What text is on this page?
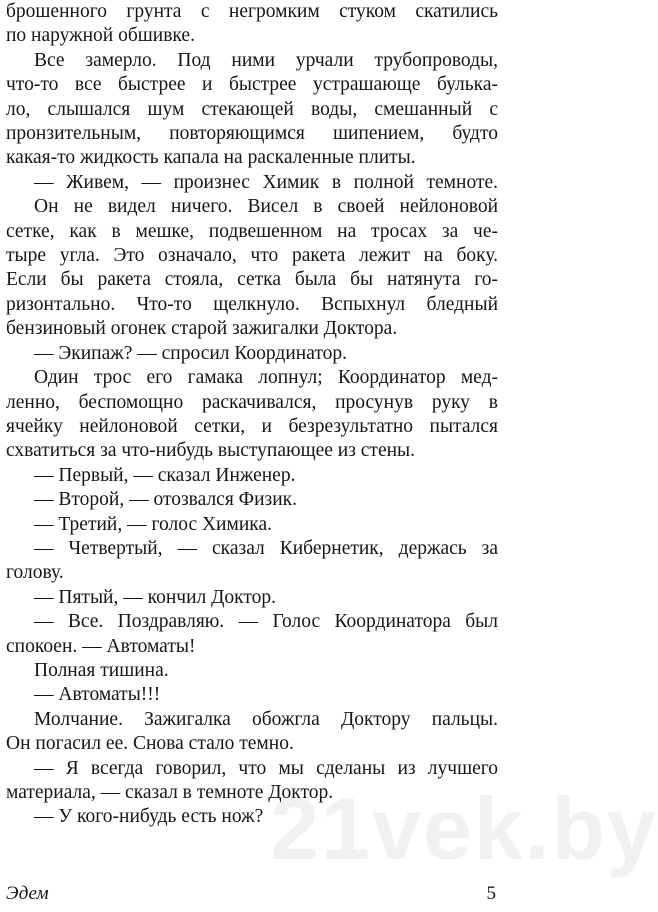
брошенного грунта с негромким стуком скатились
по наружной обшивке.
Все замерло. Под ними урчали трубопроводы,
что-то все быстрее и быстрее устрашающе булька-
ло, слышался шум стекающей воды, смешанный с
пронзительным, повторяющимся шипением, будто
какая-то жидкость капала на раскаленные плиты.
— Живем, — произнес Химик в полной темноте.
Он не видел ничего. Висел в своей нейлоновой
сетке, как в мешке, подвешенном на тросах за че-
тыре угла. Это означало, что ракета лежит на боку.
Если бы ракета стояла, сетка была бы натянута го-
ризонтально. Что-то щелкнуло. Вспыхнул бледный
бензиновый огонек старой зажигалки Доктора.
— Экипаж? — спросил Координатор.
Один трос его гамака лопнул; Координатор мед-
ленно, беспомощно раскачивался, просунув руку в
ячейку нейлоновой сетки, и безрезультатно пытался
схватиться за что-нибудь выступающее из стены.
— Первый, — сказал Инженер.
— Второй, — отозвался Физик.
— Третий, — голос Химика.
— Четвертый, — сказал Кибернетик, держась за
голову.
— Пятый, — кончил Доктор.
— Все. Поздравляю. — Голос Координатора был
спокоен. — Автоматы!
Полная тишина.
— Автоматы!!!
Молчание. Зажигалка обожгла Доктору пальцы.
Он погасил ее. Снова стало темно.
— Я всегда говорил, что мы сделаны из лучшего
материала, — сказал в темноте Доктор.
— У кого-нибудь есть нож? 21vek.by
Эдем	5
